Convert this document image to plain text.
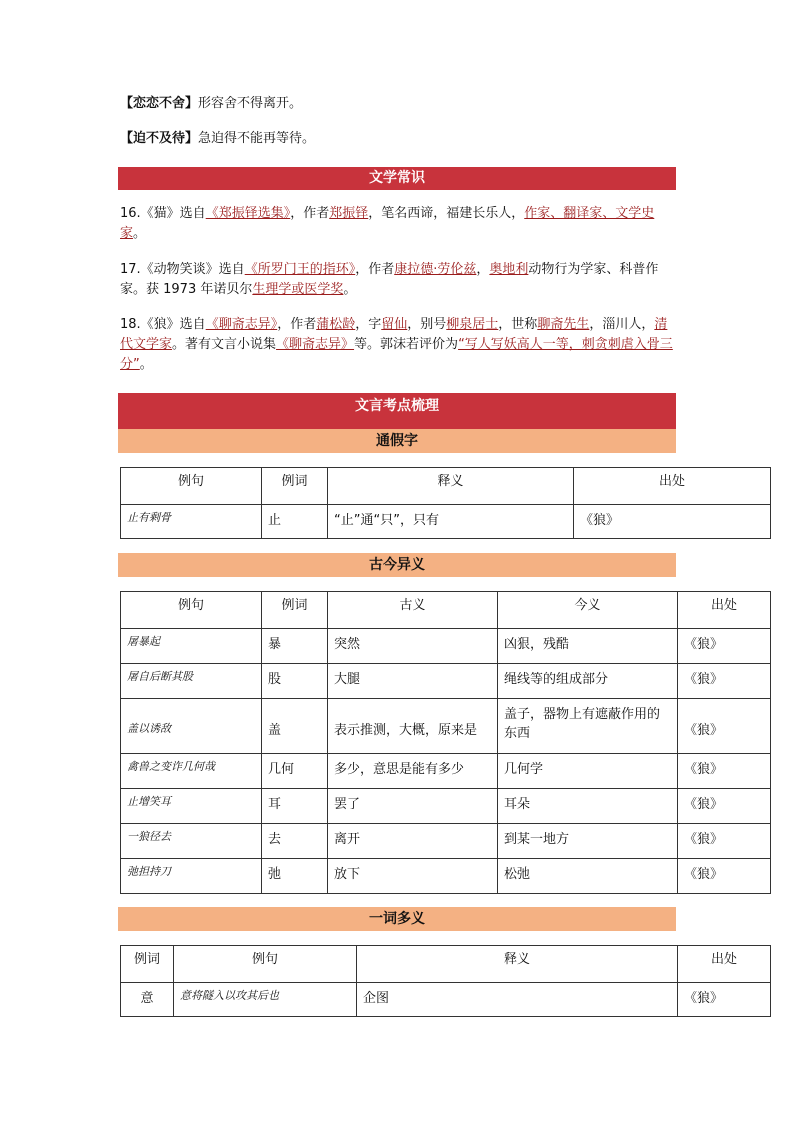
【恋恋不舍】形容舍不得离开。
【迫不及待】急迫得不能再等待。
文学常识
16.《猫》选自《郑振铎选集》，作者郑振铎，笔名西谛，福建长乐人，作家、翻译家、文学史家。
17.《动物笑谈》选自《所罗门王的指环》，作者康拉德·劳伦兹，奥地利动物行为学家、科普作家。获 1973 年诺贝尔生理学或医学奖。
18.《狼》选自《聊斋志异》，作者蒲松龄，字留仙，别号柳泉居士，世称聊斋先生，淄川人，清代文学家。著有文言小说集《聊斋志异》等。郭沫若评价为“写人写妖高人一等，刺贪刺虐入骨三分”。
文言考点梳理
通假字
例句	例词	释义	出处
止有剩骨	止	“止”通“只”，只有	《狼》
古今异义
例句	例词	古义	今义	出处
屠暴起	暴	突然	凶狠，残酷	《狼》
屠自后断其股	股	大腿	绳线等的组成部分	《狼》
盖以诱敌	盖	表示推测，大概，原来是	盖子，器物上有遮蔽作用的东西	《狼》
禽兽之变诈几何哉	几何	多少，意思是能有多少	几何学	《狼》
止增笑耳	耳	罢了	耳朵	《狼》
一狼径去	去	离开	到某一地方	《狼》
弛担持刀	弛	放下	松弛	《狼》
一词多义
例词	例句	释义	出处
意	意将隧入以攻其后也	企图	《狼》
